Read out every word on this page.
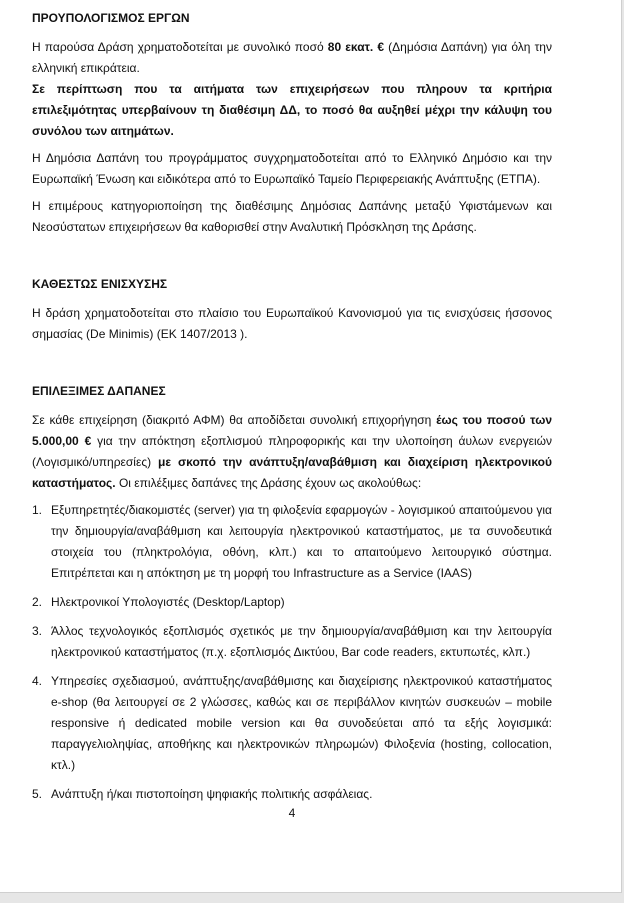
ΠΡΟΥΠΟΛΟΓΙΣΜΟΣ ΕΡΓΩΝ

Η παρούσα Δράση χρηματοδοτείται με συνολικό ποσό 80 εκατ. € (Δημόσια Δαπάνη) για όλη την ελληνική επικράτεια.

Σε περίπτωση που τα αιτήματα των επιχειρήσεων που πληρουν τα κριτήρια επιλεξιμότητας υπερβαίνουν τη διαθέσιμη ΔΔ, το ποσό θα αυξηθεί μέχρι την κάλυψη του συνόλου των αιτημάτων.

Η Δημόσια Δαπάνη του προγράμματος συγχρηματοδοτείται από το Ελληνικό Δημόσιο και την Ευρωπαϊκή Ένωση και ειδικότερα από το Ευρωπαϊκό Ταμείο Περιφερειακής Ανάπτυξης (ΕΤΠΑ).

Η επιμέρους κατηγοριοποίηση της διαθέσιμης Δημόσιας Δαπάνης μεταξύ Υφιστάμενων και Νεοσύστατων επιχειρήσεων θα καθορισθεί στην Αναλυτική Πρόσκληση της Δράσης.

ΚΑΘΕΣΤΩΣ ΕΝΙΣΧΥΣΗΣ

Η δράση χρηματοδοτείται στο πλαίσιο του Ευρωπαϊκού Κανονισμού για τις ενισχύσεις ήσσονος σημασίας (De Minimis) (ΕΚ 1407/2013 ).

ΕΠΙΛΕΞΙΜΕΣ ΔΑΠΑΝΕΣ

Σε κάθε επιχείρηση (διακριτό ΑΦΜ) θα αποδίδεται συνολική επιχορήγηση έως του ποσού των 5.000,00 € για την απόκτηση εξοπλισμού πληροφορικής και την υλοποίηση άυλων ενεργειών (Λογισμικό/υπηρεσίες) με σκοπό την ανάπτυξη/αναβάθμιση και διαχείριση ηλεκτρονικού καταστήματος. Οι επιλέξιμες δαπάνες της Δράσης έχουν ως ακολούθως:

1. Εξυπηρετητές/διακομιστές (server) για τη φιλοξενία εφαρμογών - λογισμικού απαιτούμενου για την δημιουργία/αναβάθμιση και λειτουργία ηλεκτρονικού καταστήματος, με τα συνοδευτικά στοιχεία του (πληκτρολόγια, οθόνη, κλπ.) και το απαιτούμενο λειτουργικό σύστημα. Επιτρέπεται και η απόκτηση με τη μορφή του Infrastructure as a Service (IAAS)
2. Ηλεκτρονικοί Υπολογιστές (Desktop/Laptop)
3. Άλλος τεχνολογικός εξοπλισμός σχετικός με την δημιουργία/αναβάθμιση και την λειτουργία ηλεκτρονικού καταστήματος (π.χ. εξοπλισμός Δικτύου, Bar code readers, εκτυπωτές, κλπ.)
4. Υπηρεσίες σχεδιασμού, ανάπτυξης/αναβάθμισης και διαχείρισης ηλεκτρονικού καταστήματος e-shop (θα λειτουργεί σε 2 γλώσσες, καθώς και σε περιβάλλον κινητών συσκευών – mobile responsive ή dedicated mobile version και θα συνοδεύεται από τα εξής λογισμικά: παραγγελιοληψίας, αποθήκης και ηλεκτρονικών πληρωμών) Φιλοξενία (hosting, collocation, κτλ.)
5. Ανάπτυξη ή/και πιστοποίηση ψηφιακής πολιτικής ασφάλειας.
4
